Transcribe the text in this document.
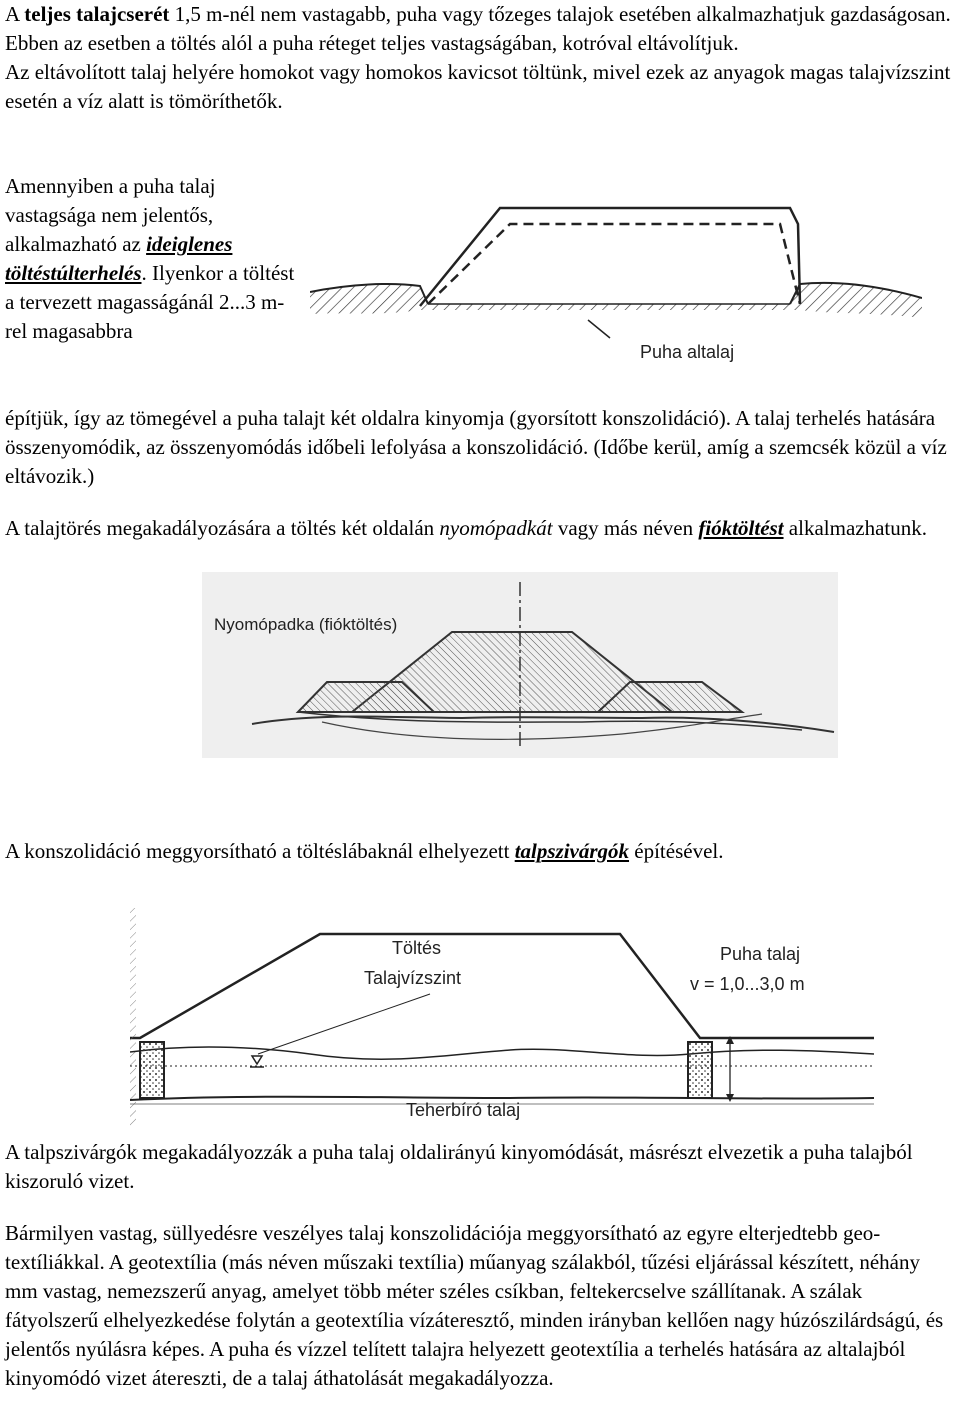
A teljes talajcserét 1,5 m-nél nem vastagabb, puha vagy tőzeges talajok esetében alkalmazhatjuk gazdaságosan. Ebben az esetben a töltés alól a puha réteget teljes vastagságában, kotróval eltávolítjuk.
Az eltávolított talaj helyére homokot vagy homokos kavicsot töltünk, mivel ezek az anyagok magas talajvízszint esetén a víz alatt is tömöríthetők.

Amennyiben a puha talaj vastagsága nem jelentős, alkalmazható az ideiglenes
töltéstúlterhelés. Ilyenkor a töltést a tervezett magasságánál 2...3 m-rel magasabbra

Puha altalaj

építjük, így az tömegével a puha talajt két oldalra kinyomja (gyorsított konszolidáció). A talaj terhelés hatására összenyomódik, az összenyomódás időbeli lefolyása a konszolidáció. (Időbe kerül, amíg a szemcsék közül a víz eltávozik.)

A talajtörés megakadályozására a töltés két oldalán nyomópadkát vagy más néven fióktöltést alkalmazhatunk.

Nyomópadka (fióktöltés)

A konszolidáció meggyorsítható a töltéslábaknál elhelyezett talpszivárgók építésével.

Töltés
Talajvízszint
Puha talaj
v = 1,0...3,0 m
Teherbíró talaj

A talpszivárgók megakadályozzák a puha talaj oldalirányú kinyomódását, másrészt elvezetik a puha talajból kiszoruló vizet.

Bármilyen vastag, süllyedésre veszélyes talaj konszolidációja meggyorsítható az egyre elterjedtebb geo-textíliákkal. A geotextília (más néven műszaki textília) műanyag szálakból, tűzési eljárással készített, néhány mm vastag, nemezszerű anyag, amelyet több méter széles csíkban, feltekercselve szállítanak. A szálak fátyolszerű elhelyezkedése folytán a geotextília vízáteresztő, minden irányban kellően nagy húzószilárdságú, és jelentős nyúlásra képes. A puha és vízzel telített talajra helyezett geotextília a terhelés hatására az altalajból kinyomódó vizet átereszti, de a talaj áthatolását megakadályozza.
